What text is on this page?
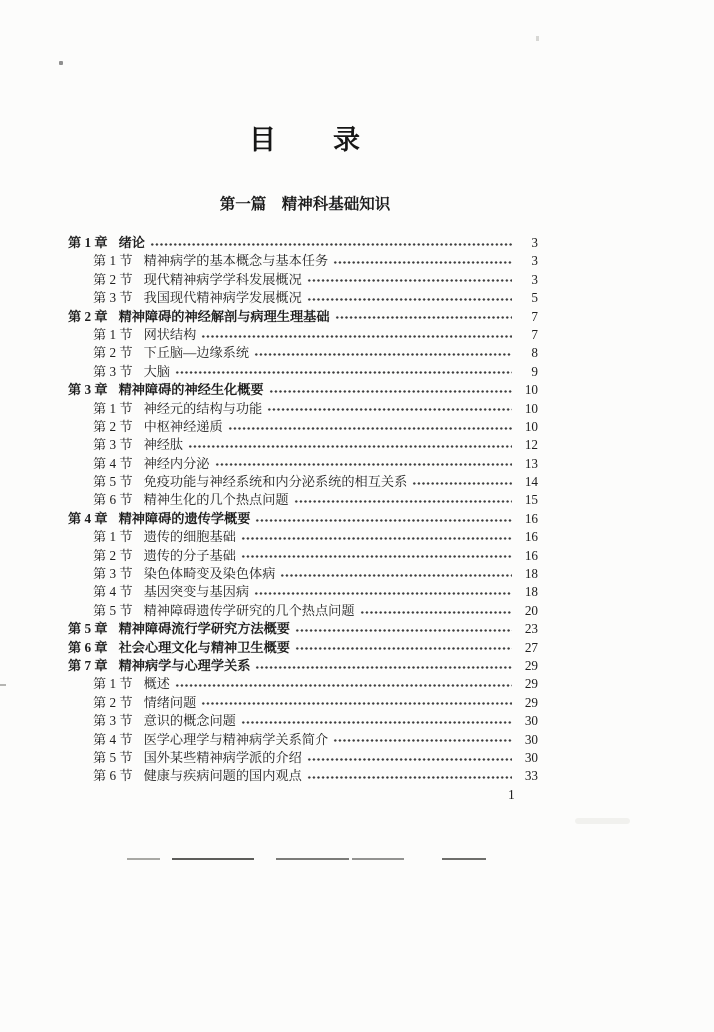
目　　录
第一篇　精神科基础知识
第 1 章 绪论	3
第 1 节 精神病学的基本概念与基本任务	3
第 2 节 现代精神病学学科发展概况	3
第 3 节 我国现代精神病学发展概况	5
第 2 章 精神障碍的神经解剖与病理生理基础	7
第 1 节 网状结构	7
第 2 节 下丘脑—边缘系统	8
第 3 节 大脑	9
第 3 章 精神障碍的神经生化概要	10
第 1 节 神经元的结构与功能	10
第 2 节 中枢神经递质	10
第 3 节 神经肽	12
第 4 节 神经内分泌	13
第 5 节 免疫功能与神经系统和内分泌系统的相互关系	14
第 6 节 精神生化的几个热点问题	15
第 4 章 精神障碍的遗传学概要	16
第 1 节 遗传的细胞基础	16
第 2 节 遗传的分子基础	16
第 3 节 染色体畸变及染色体病	18
第 4 节 基因突变与基因病	18
第 5 节 精神障碍遗传学研究的几个热点问题	20
第 5 章 精神障碍流行学研究方法概要	23
第 6 章 社会心理文化与精神卫生概要	27
第 7 章 精神病学与心理学关系	29
第 1 节 概述	29
第 2 节 情绪问题	29
第 3 节 意识的概念问题	30
第 4 节 医学心理学与精神病学关系简介	30
第 5 节 国外某些精神病学派的介绍	30
第 6 节 健康与疾病问题的国内观点	33
1
